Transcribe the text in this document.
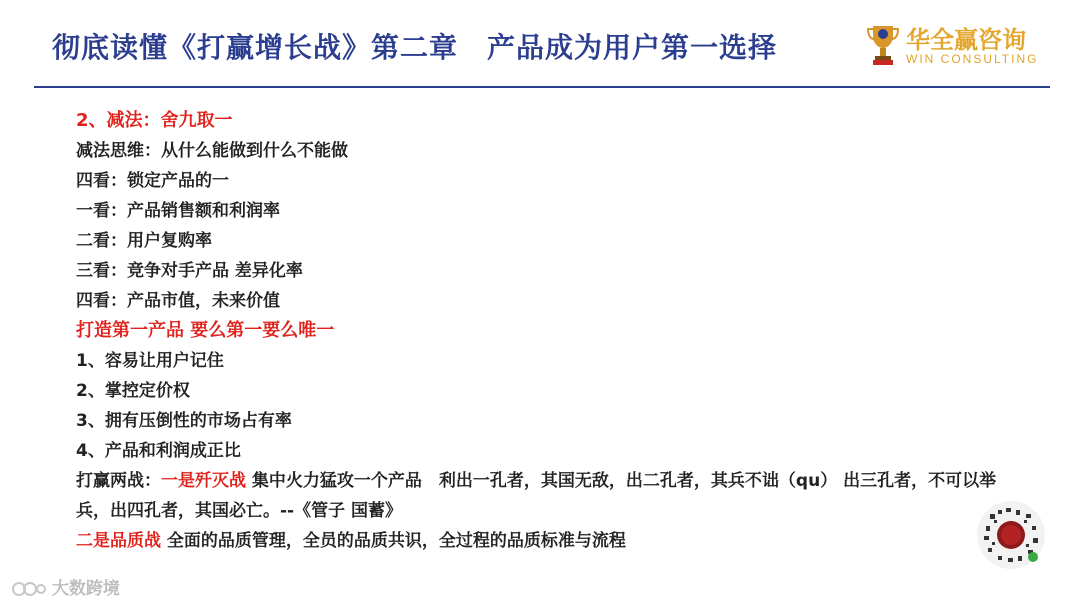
彻底读懂《打赢增长战》第二章　产品成为用户第一选择	华全赢咨询
WIN CONSULTING
2、减法：舍九取一
减法思维：从什么能做到什么不能做
四看：锁定产品的一
一看：产品销售额和利润率
二看：用户复购率
三看：竞争对手产品 差异化率
四看：产品市值，未来价值
打造第一产品 要么第一要么唯一
1、容易让用户记住
2、掌控定价权
3、拥有压倒性的市场占有率
4、产品和利润成正比
打赢两战：一是歼灭战 集中火力猛攻一个产品　利出一孔者，其国无敌，出二孔者，其兵不诎（qu） 出三孔者，不可以举兵，出四孔者，其国必亡。--《管子 国蓄》
二是品质战 全面的品质管理，全员的品质共识，全过程的品质标准与流程
大数跨境
